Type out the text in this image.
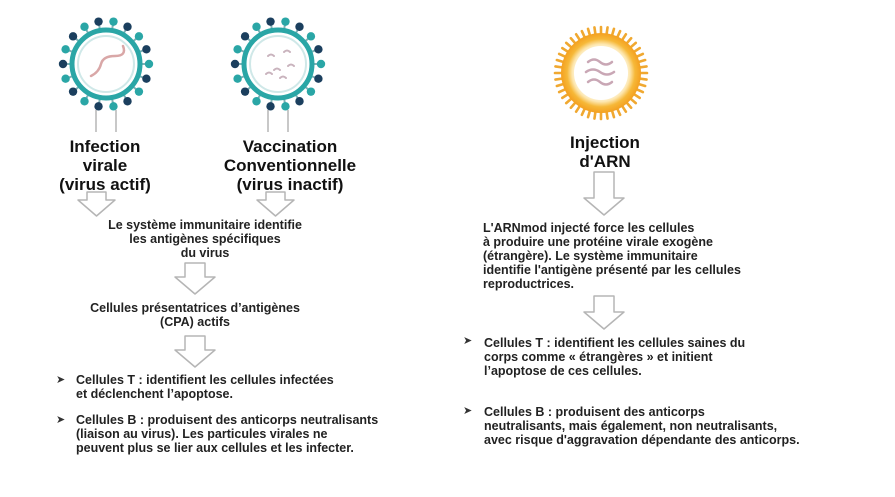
Infection
virale
(virus actif)
Vaccination
Conventionnelle
(virus inactif)
Injection
d'ARN
Le système immunitaire identifie
les antigènes spécifiques
du virus
Cellules présentatrices d’antigènes
(CPA) actifs
➤ Cellules T : identifient les cellules infectées
et déclenchent l’apoptose.
➤ Cellules B : produisent des anticorps neutralisants
(liaison au virus). Les particules virales ne
peuvent plus se lier aux cellules et les infecter.
L'ARNmod injecté force les cellules
à produire une protéine virale exogène
(étrangère). Le système immunitaire
identifie l'antigène présenté par les cellules
reproductrices.
➤ Cellules T : identifient les cellules saines du
corps comme « étrangères » et initient
l’apoptose de ces cellules.
➤ Cellules B : produisent des anticorps
neutralisants, mais également, non neutralisants,
avec risque d'aggravation dépendante des anticorps.
